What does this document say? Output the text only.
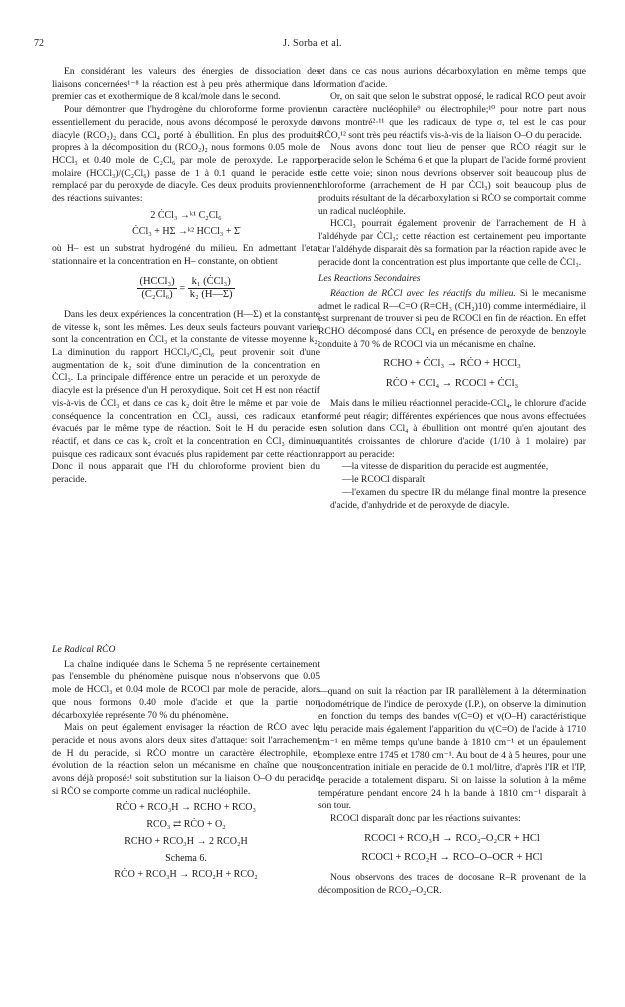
72	J. Sorba et al.

En considérant les valeurs des énergies de dissociation des liaisons concernées¹⁻⁸ la réaction est à peu près athermique dans le premier cas et exothermique de 8 kcal/mole dans le second.

Pour démontrer que l'hydrogène du chloroforme forme provient essentiellement du peracide, nous avons décomposé le peroxyde de diacyle (RCO₂)₂ dans CCl₄ porté à ébullition. En plus des produits propres à la décomposition du (RCO₂)₂ nous formons 0.05 mole de HCCl₃ et 0.40 mole de C₂Cl₆ par mole de peroxyde. Le rapport molaire (HCCl₃)/(C₂Cl₆) passe de 1 à 0.1 quand le peracide est remplacé par du peroxyde de diacyle. Ces deux produits proviennent des réactions suivantes:

2 ĊCl₃ →ᵏ¹ C₂Cl₆
ĊCl₃ + HΣ →ᵏ² HCCl₃ + Σ̇

où H– est un substrat hydrogéné du milieu. En admettant l'etat stationnaire et la concentration en H– constante, on obtient

$\frac{\text{(HCCl₃)}}{\text{(C₂Cl₆)}} = \frac{\text{k₁ (ĊCl₃)}}{\text{k₂ (H—Σ)}}$

Dans les deux expériences la concentration (H—Σ) et la constante de vitesse k₁ sont les mêmes. Les deux seuls facteurs pouvant varier sont la concentration en ĊCl₃ et la constante de vitesse moyenne k₂. La diminution du rapport HCCl₃/C₂Cl₆ peut provenir soit d'une augmentation de k₂ soit d'une diminution de la concentration en ĊCl₃. La principale différence entre un peracide et un peroxyde de diacyle est la présence d'un H peroxydique. Soit cet H est non réactif vis-à-vis de ĊCl₃ et dans ce cas k₂ doit être le même et par voie de conséquence la concentration en ĊCl₃ aussi, ces radicaux etant évacués par le même type de réaction. Soit le H du peracide est réactif, et dans ce cas k₂ croît et la concentration en ĊCl₃ diminue puisque ces radicaux sont évacués plus rapidement par cette réaction. Donc il nous apparait que l'H du chloroforme provient bien du peracide.

Le Radical RĊO

La chaîne indiquée dans le Schema 5 ne représente certainement pas l'ensemble du phénomène puisque nous n'observons que 0.05 mole de HCCl₃ et 0.04 mole de RCOCl par mole de peracide, alors que nous formons 0.40 mole d'acide et que la partie non décarboxylée représente 70 % du phénomène.

Mais on peut également envisager la réaction de RĊO avec le peracide et nous avons alors deux sites d'attaque: soit l'arrachement de H du peracide, si RĊO montre un caractère électrophile, et évolution de la réaction selon un mécanisme en chaîne que nous avons déjà proposé:¹ soit substitution sur la liaison O–O du peracide si RĊO se comporte comme un radical nucléophile.

RĊO + RCO₃H → RCHO + RCO₃
RCO₃ ⇄ RĊO + O₂
RCHO + RCO₃H → 2 RCO₂H
Schema 6.
RĊO + RCO₃H → RCO₂H + RCO₂

et dans ce cas nous aurions décarboxylation en même temps que formation d'acide.

Or, on sait que selon le substrat opposé, le radical RCO peut avoir un caractère nucléophile⁹ ou électrophile;¹⁰ pour notre part nous avons montré²·¹¹ que les radicaux de type σ, tel est le cas pour RĊO,¹² sont très peu réactifs vis-à-vis de la liaison O–O du peracide.

Nous avons donc tout lieu de penser que RĊO réagit sur le peracide selon le Schéma 6 et que la plupart de l'acide formé provient de cette voie; sinon nous devrions observer soit beaucoup plus de chloroforme (arrachement de H par ĊCl₃) soit beaucoup plus de produits résultant de la décarboxylation si RĊO se comportait comme un radical nucléophile.

HCCl₃ pourrait également provenir de l'arrachement de H à l'aldéhyde par ĊCl₃; cette réaction est certainement peu importante car l'aldéhyde disparait dès sa formation par la réaction rapide avec le peracide dont la concentration est plus importante que celle de ĊCl₃.

Les Reactions Secondaires

Réaction de RĊCl avec les réactifs du milieu. Si le mecanisme admet le radical R—C=O (R=CH₃ (CH₂)10) comme intermédiaire, il est surprenant de trouver si peu de RCOCl en fin de réaction. En effet RCHO décomposé dans CCl₄ en présence de peroxyde de benzoyle conduite à 70 % de RCOCl via un mécanisme en chaîne.

RCHO + ĊCl₃ → RĊO + HCCl₃
RĊO + CCl₄ → RCOCl + ĊCl₃

Mais dans le milieu réactionnel peracide-CCl₄, le chlorure d'acide formé peut réagir; différentes expériences que nous avons effectuées en solution dans CCl₄ à ébullition ont montré qu'en ajoutant des quantités croissantes de chlorure d'acide (1/10 à 1 molaire) par rapport au peracide:

—la vitesse de disparition du peracide est augmentée,

—le RCOCl disparaît

—l'examen du spectre IR du mélange final montre la presence d'acide, d'anhydride et de peroxyde de diacyle.

—quand on suit la réaction par IR parallèlement à la détermination iodométrique de l'indice de peroxyde (I.P.), on observe la diminution en fonction du temps des bandes ν(C=O) et ν(O–H) caractéristique du peracide mais également l'apparition du ν(C=O) de l'acide à 1710 cm⁻¹ en même temps qu'une bande à 1810 cm⁻¹ et un épaulement complexe entre 1745 et 1780 cm⁻¹. Au bout de 4 à 5 heures, pour une concentration initiale en peracide de 0.1 mol/litre, d'après l'IR et l'IP, le peracide a totalement disparu. Si on laisse la solution à la même température pendant encore 24 h la bande à 1810 cm⁻¹ disparaît à son tour.

RCOCl disparaît donc par les réactions suivantes:

RCOCl + RCO₃H → RCO₂–O₂CR + HCl
RCOCl + RCO₂H → RCO–O–OCR + HCl

Nous observons des traces de docosane R–R provenant de la décomposition de RCO₂–O₂CR.
